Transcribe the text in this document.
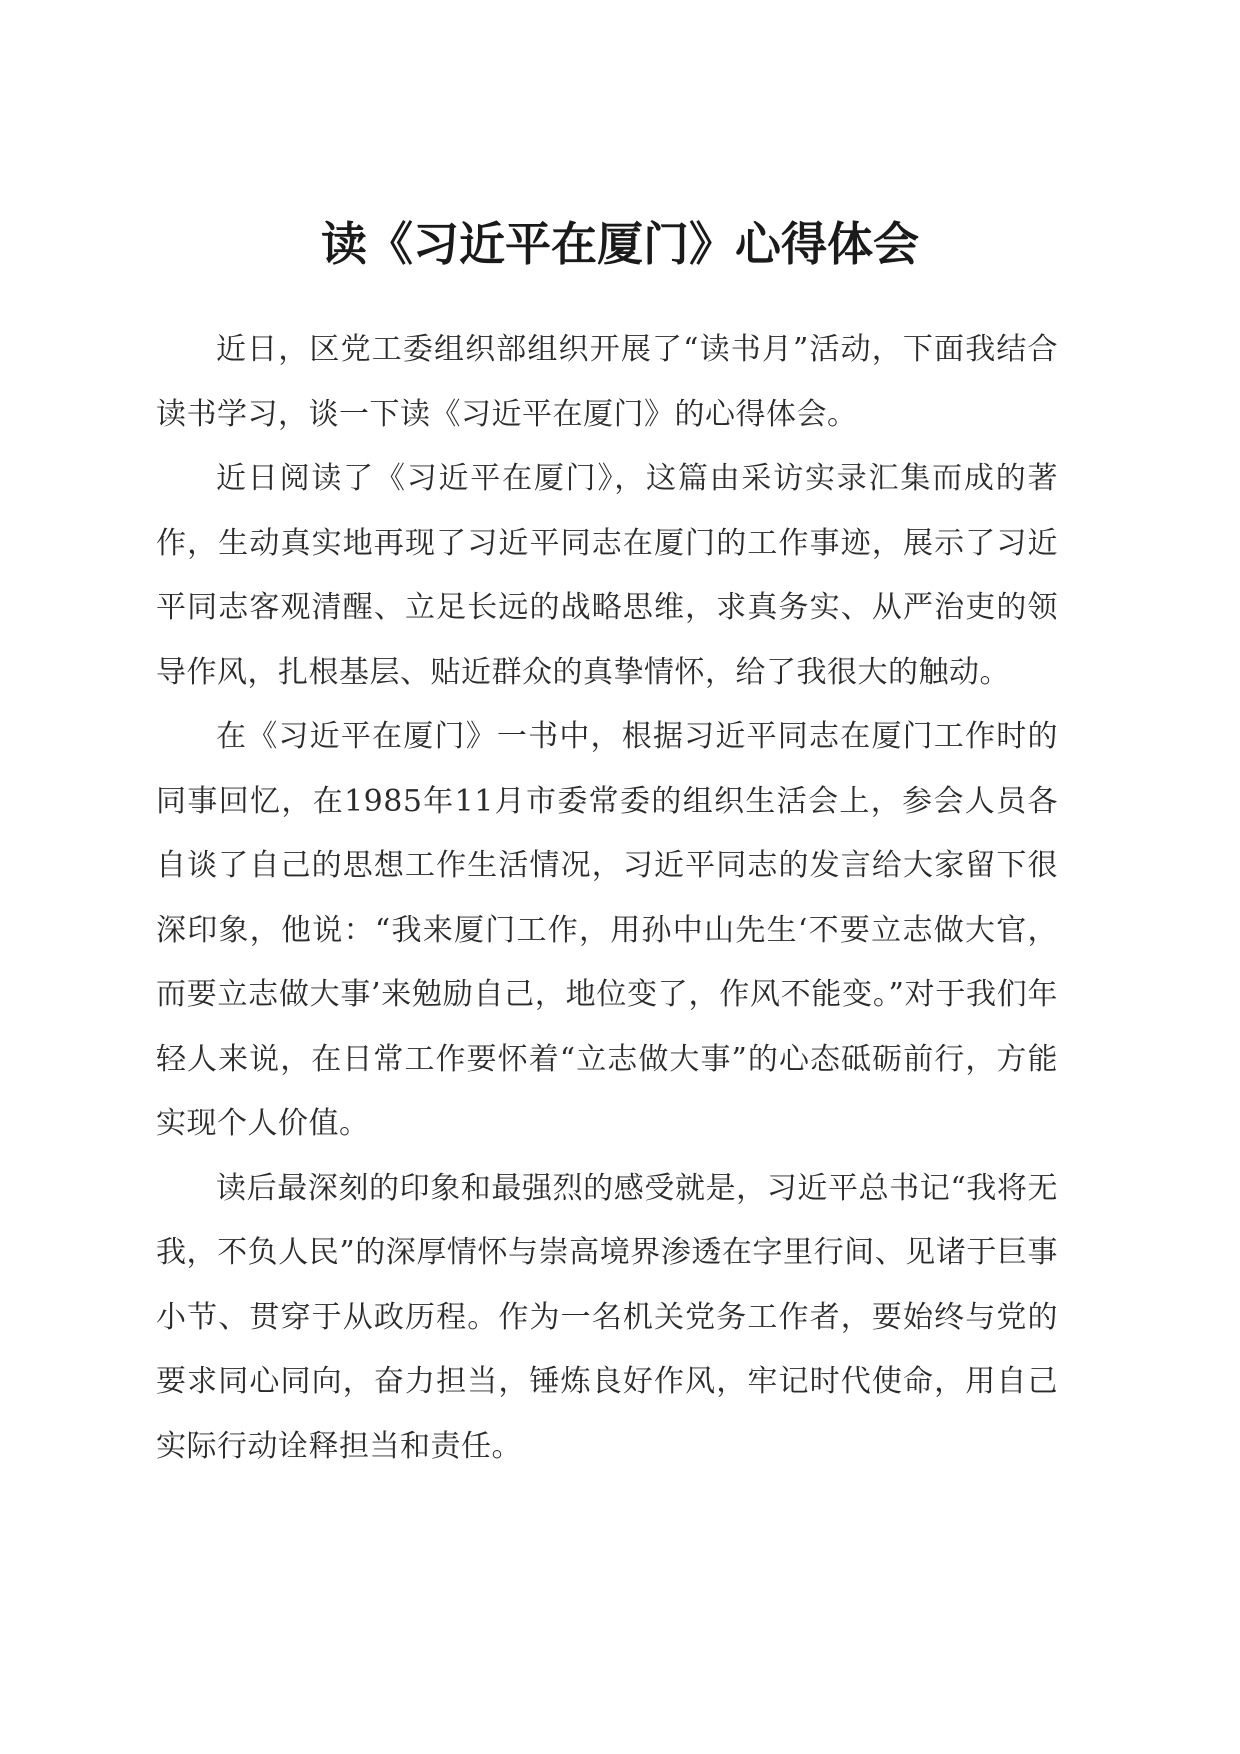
读《习近平在厦门》心得体会

近日，区党工委组织部组织开展了“读书月”活动，下面我结合读书学习，谈一下读《习近平在厦门》的心得体会。

近日阅读了《习近平在厦门》，这篇由采访实录汇集而成的著作，生动真实地再现了习近平同志在厦门的工作事迹，展示了习近平同志客观清醒、立足长远的战略思维，求真务实、从严治吏的领导作风，扎根基层、贴近群众的真挚情怀，给了我很大的触动。

在《习近平在厦门》一书中，根据习近平同志在厦门工作时的同事回忆，在1985年11月市委常委的组织生活会上，参会人员各自谈了自己的思想工作生活情况，习近平同志的发言给大家留下很深印象，他说：“我来厦门工作，用孙中山先生‘不要立志做大官，而要立志做大事’来勉励自己，地位变了，作风不能变。”对于我们年轻人来说，在日常工作要怀着“立志做大事”的心态砥砺前行，方能实现个人价值。

读后最深刻的印象和最强烈的感受就是，习近平总书记“我将无我，不负人民”的深厚情怀与崇高境界渗透在字里行间、见诸于巨事小节、贯穿于从政历程。作为一名机关党务工作者，要始终与党的要求同心同向，奋力担当，锤炼良好作风，牢记时代使命，用自己实际行动诠释担当和责任。
